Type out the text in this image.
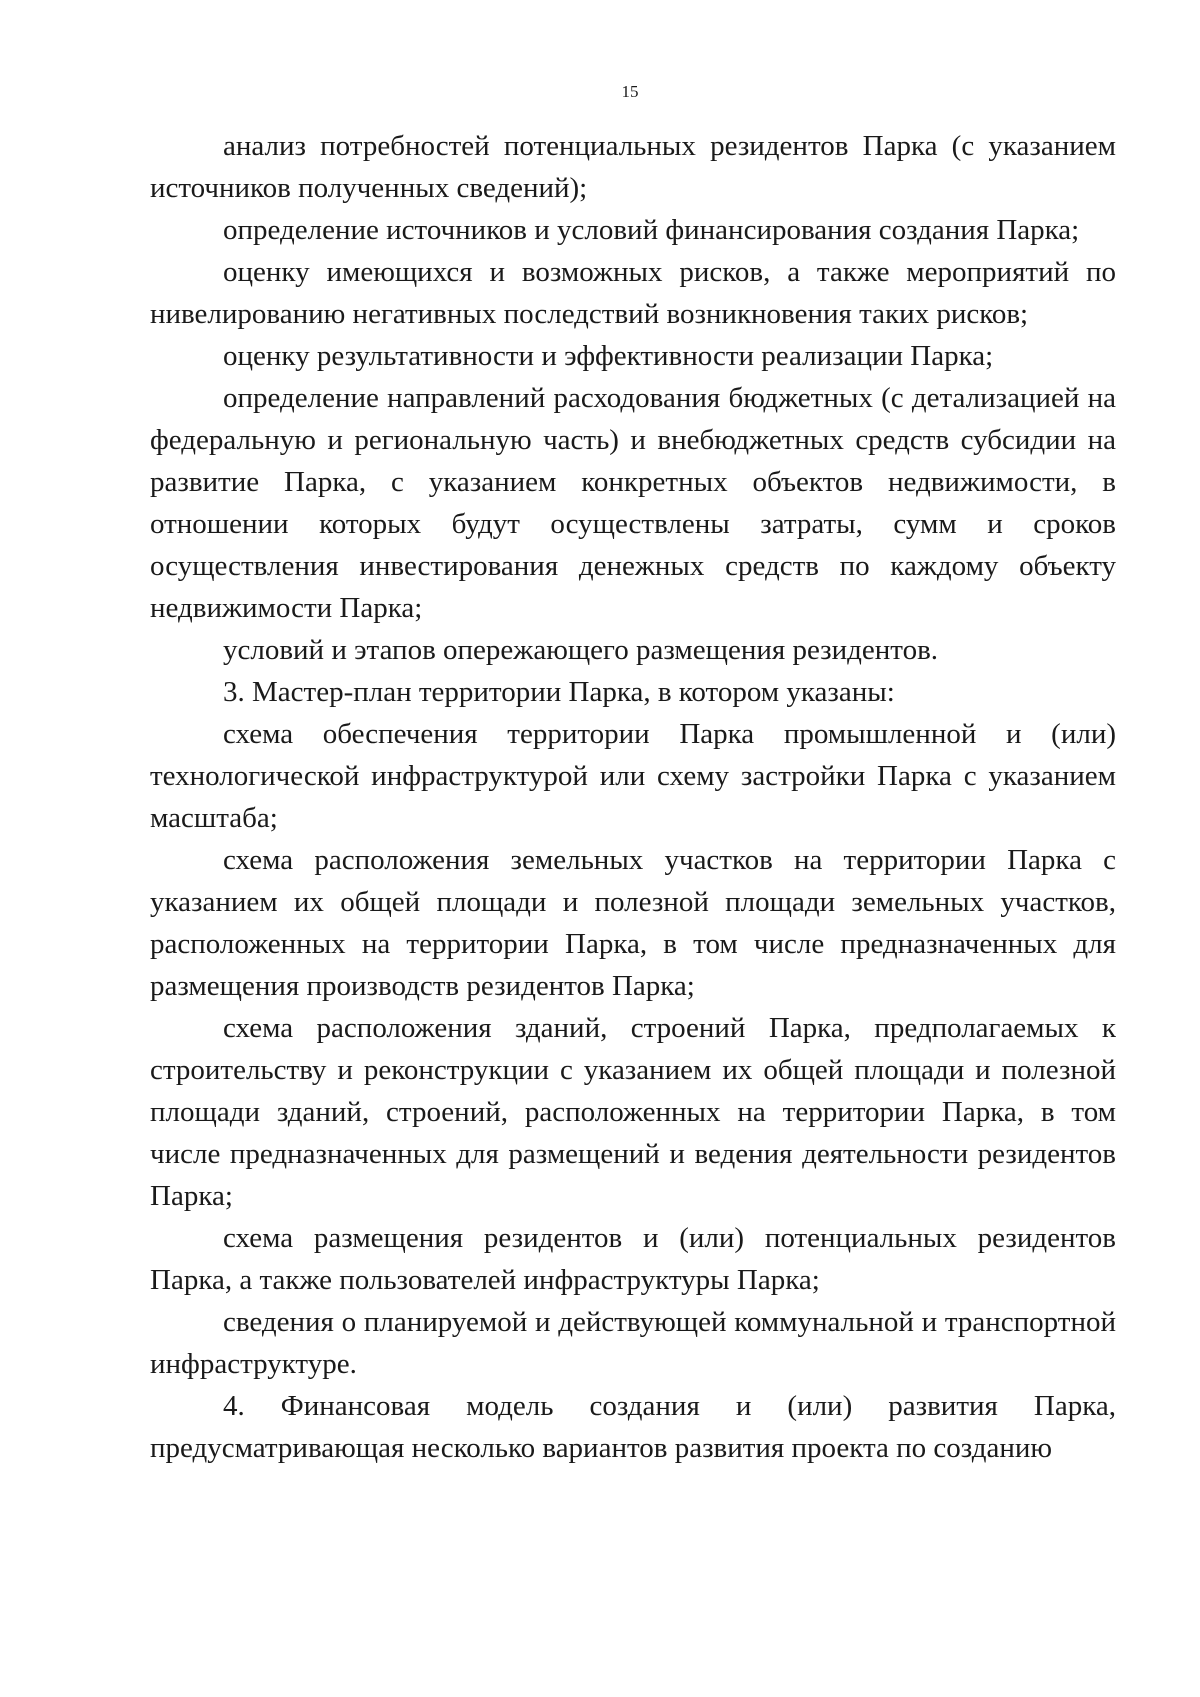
15

анализ потребностей потенциальных резидентов Парка (с указанием источников полученных сведений);

определение источников и условий финансирования создания Парка;

оценку имеющихся и возможных рисков, а также мероприятий по нивелированию негативных последствий возникновения таких рисков;

оценку результативности и эффективности реализации Парка;

определение направлений расходования бюджетных (с детализацией на федеральную и региональную часть) и внебюджетных средств субсидии на развитие Парка, с указанием конкретных объектов недвижимости, в отношении которых будут осуществлены затраты, сумм и сроков осуществления инвестирования денежных средств по каждому объекту недвижимости Парка;

условий и этапов опережающего размещения резидентов.

3. Мастер-план территории Парка, в котором указаны:

схема обеспечения территории Парка промышленной и (или) технологической инфраструктурой или схему застройки Парка с указанием масштаба;

схема расположения земельных участков на территории Парка с указанием их общей площади и полезной площади земельных участков, расположенных на территории Парка, в том числе предназначенных для размещения производств резидентов Парка;

схема расположения зданий, строений Парка, предполагаемых к строительству и реконструкции с указанием их общей площади и полезной площади зданий, строений, расположенных на территории Парка, в том числе предназначенных для размещений и ведения деятельности резидентов Парка;

схема размещения резидентов и (или) потенциальных резидентов Парка, а также пользователей инфраструктуры Парка;

сведения о планируемой и действующей коммунальной и транспортной инфраструктуре.

4. Финансовая модель создания и (или) развития Парка, предусматривающая несколько вариантов развития проекта по созданию
